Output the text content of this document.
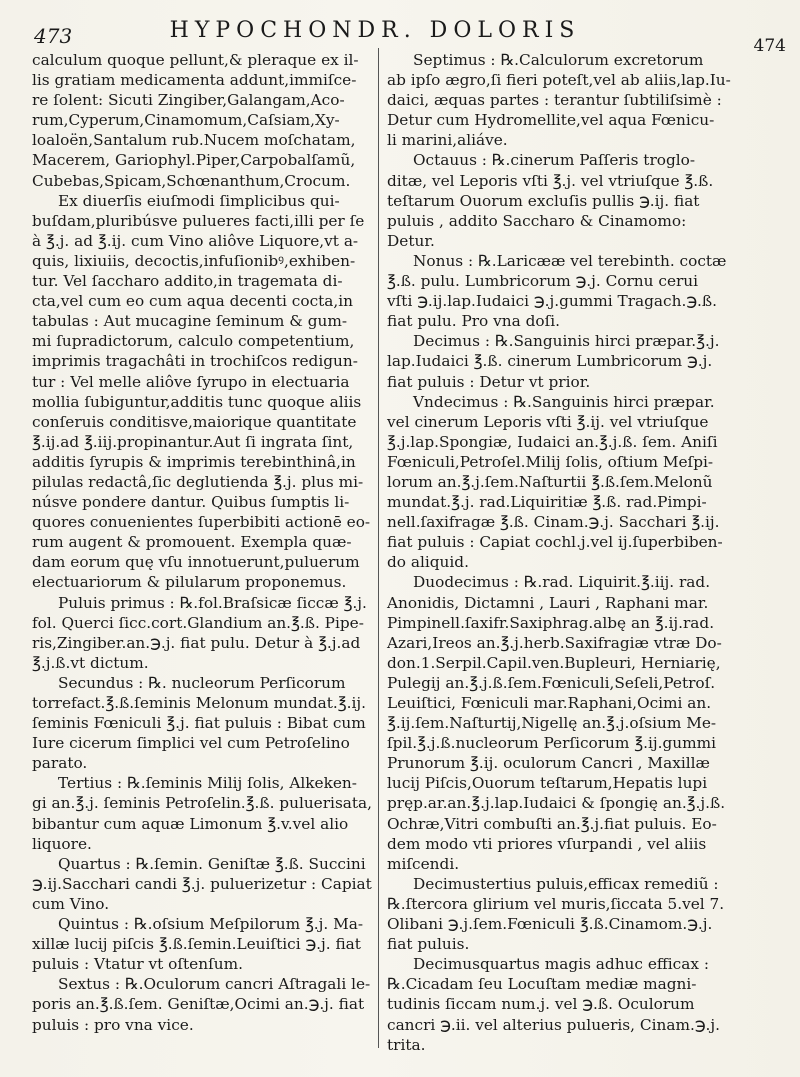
473	HYPOCHONDR. DOLORIS
474
calculum quoque pellunt,& pleraque ex il-
lis gratiam medicamenta addunt,immiſce-
re ſolent: Sicuti Zingiber,Galangam,Aco-
rum,Cyperum,Cinamomum,Caſsiam,Xy-
loaloën,Santalum rub.Nucem moſchatam,
Macerem, Gariophyl.Piper,Carpobalſamũ,
Cubebas,Spicam,Schœnanthum,Crocum.
Ex diuerſis eiuſmodi ſimplicibus qui-
buſdam,pluribúsve pulueres facti,illi per ſe
à ℥.j. ad ℥.ij. cum Vino aliôve Liquore,vt a-
quis, lixiuiis, decoctis,infuſionibꝰ,exhiben-
tur. Vel ſaccharo addito,in tragemata di-
cta,vel cum eo cum aqua decenti cocta,in
tabulas : Aut mucagine ſeminum & gum-
mi ſupradictorum, calculo competentium,
imprimis tragachâti in trochiſcos redigun-
tur : Vel melle aliôve ſyrupo in electuaria
mollia ſubiguntur,additis tunc quoque aliis
conſeruis conditisve,maiorique quantitate
℥.ij.ad ℥.iij.propinantur.Aut ſi ingrata ſint,
additis ſyrupis & imprimis terebinthinâ,in
pilulas redactâ,ſic deglutienda ℥.j. plus mi-
núsve pondere dantur. Quibus ſumptis li-
quores conuenientes ſuperbibiti actionē eo-
rum augent & promouent. Exempla quæ-
dam eorum quę vſu innotuerunt,puluerum
electuariorum & pilularum proponemus.
Puluis primus : ℞.fol.Braſsicæ ſiccæ ℥.j.
fol. Querci ſicc.cort.Glandium an.℥.ß. Pipe-
ris,Zingiber.an.℈.j. fiat pulu. Detur à ℥.j.ad
℥.j.ß.vt dictum.
Secundus : ℞. nucleorum Perſicorum
torrefact.℥.ß.ſeminis Melonum mundat.℥.ij.
ſeminis Fœniculi ℥.j. fiat puluis : Bibat cum
Iure cicerum ſimplici vel cum Petroſelino
parato.
Tertius : ℞.ſeminis Milij ſolis, Alkeken-
gi an.℥.j. ſeminis Petroſelin.℥.ß. puluerisata,
bibantur cum aquæ Limonum ℥.v.vel alio
liquore.
Quartus : ℞.ſemin. Geniſtæ ℥.ß. Succini
℈.ij.Sacchari candi ℥.j. puluerizetur : Capiat
cum Vino.
Quintus : ℞.oſsium Meſpilorum ℥.j. Ma-
xillæ lucij piſcis ℥.ß.ſemin.Leuiſtici ℈.j. fiat
puluis : Vtatur vt oſtenſum.
Sextus : ℞.Oculorum cancri Aſtragali le-
poris an.℥.ß.ſem. Geniſtæ,Ocimi an.℈.j. fiat
puluis : pro vna vice.
Septimus : ℞.Calculorum excretorum
ab ipſo ægro,ſi fieri poteſt,vel ab aliis,lap.Iu-
daici, æquas partes : terantur ſubtiliſsimè :
Detur cum Hydromellite,vel aqua Fœnicu-
li marini,aliáve.
Octauus : ℞.cinerum Paſſeris troglo-
ditæ, vel Leporis vſti ℥.j. vel vtriuſque ℥.ß.
teſtarum Ouorum excluſis pullis ℈.ij. fiat
puluis , addito Saccharo & Cinamomo:
Detur.
Nonus : ℞.Laricææ vel terebinth. coctæ
℥.ß. pulu. Lumbricorum ℈.j. Cornu cerui
vſti ℈.ij.lap.Iudaici ℈.j.gummi Tragach.℈.ß.
fiat pulu. Pro vna doſi.
Decimus : ℞.Sanguinis hirci præpar.℥.j.
lap.Iudaici ℥.ß. cinerum Lumbricorum ℈.j.
fiat puluis : Detur vt prior.
Vndecimus : ℞.Sanguinis hirci præpar.
vel cinerum Leporis vſti ℥.ij. vel vtriuſque
℥.j.lap.Spongiæ, Iudaici an.℥.j.ß. ſem. Aniſi
Fœniculi,Petroſel.Milij ſolis, oſtium Meſpi-
lorum an.℥.j.ſem.Naſturtii ℥.ß.ſem.Melonũ
mundat.℥.j. rad.Liquiritiæ ℥.ß. rad.Pimpi-
nell.ſaxifragæ ℥.ß. Cinam.℈.j. Sacchari ℥.ij.
fiat puluis : Capiat cochl.j.vel ij.ſuperbiben-
do aliquid.
Duodecimus : ℞.rad. Liquirit.℥.iij. rad.
Anonidis, Dictamni , Lauri , Raphani mar.
Pimpinell.ſaxifr.Saxiphrag.albę an ℥.ij.rad.
Azari,Ireos an.℥.j.herb.Saxifragiæ vtræ Do-
don.1.Serpil.Capil.ven.Bupleuri, Herniarię,
Pulegij an.℥.j.ß.ſem.Fœniculi,Seſeli,Petroſ.
Leuiſtici, Fœniculi mar.Raphani,Ocimi an.
℥.ij.ſem.Naſturtij,Nigellę an.℥.j.oſsium Me-
ſpil.℥.j.ß.nucleorum Perſicorum ℥.ij.gummi
Prunorum ℥.ij. oculorum Cancri , Maxillæ
lucij Piſcis,Ouorum teſtarum,Hepatis lupi
pręp.ar.an.℥.j.lap.Iudaici & ſpongię an.℥.j.ß.
Ochræ,Vitri combuſti an.℥.j.fiat puluis. Eo-
dem modo vti priores vſurpandi , vel aliis
miſcendi.
Decimustertius puluis,efficax remediũ :
℞.ſtercora glirium vel muris,ſiccata 5.vel 7.
Olibani ℈.j.ſem.Fœniculi ℥.ß.Cinamom.℈.j.
fiat puluis.
Decimusquartus magis adhuc efficax :
℞.Cicadam ſeu Locuſtam mediæ magni-
tudinis ſiccam num.j. vel ℈.ß. Oculorum
cancri ℈.ii. vel alterius pulueris, Cinam.℈.j.
trita.
